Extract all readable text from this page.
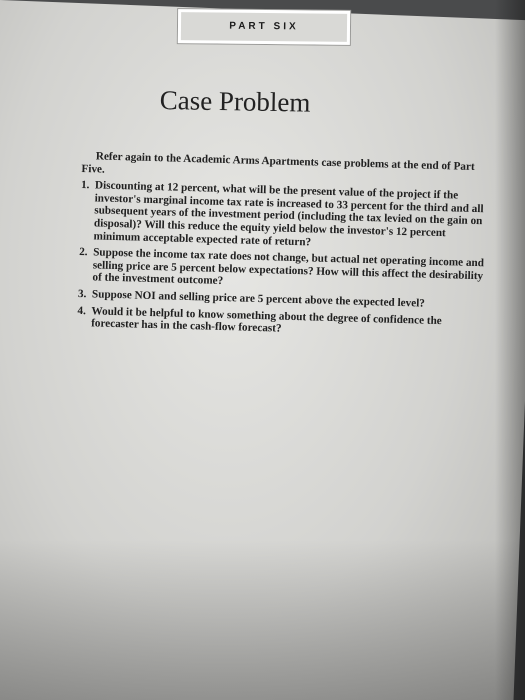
PART SIX
Case Problem

Refer again to the Academic Arms Apartments case problems at the end of Part Five.

1. Discounting at 12 percent, what will be the present value of the project if the investor's marginal income tax rate is increased to 33 percent for the third and all subsequent years of the investment period (including the tax levied on the gain on disposal)? Will this reduce the equity yield below the investor's 12 percent minimum acceptable expected rate of return?
2. Suppose the income tax rate does not change, but actual net operating income and selling price are 5 percent below expectations? How will this affect the desirability of the investment outcome?
3. Suppose NOI and selling price are 5 percent above the expected level?
4. Would it be helpful to know something about the degree of confidence the forecaster has in the cash-flow forecast?
